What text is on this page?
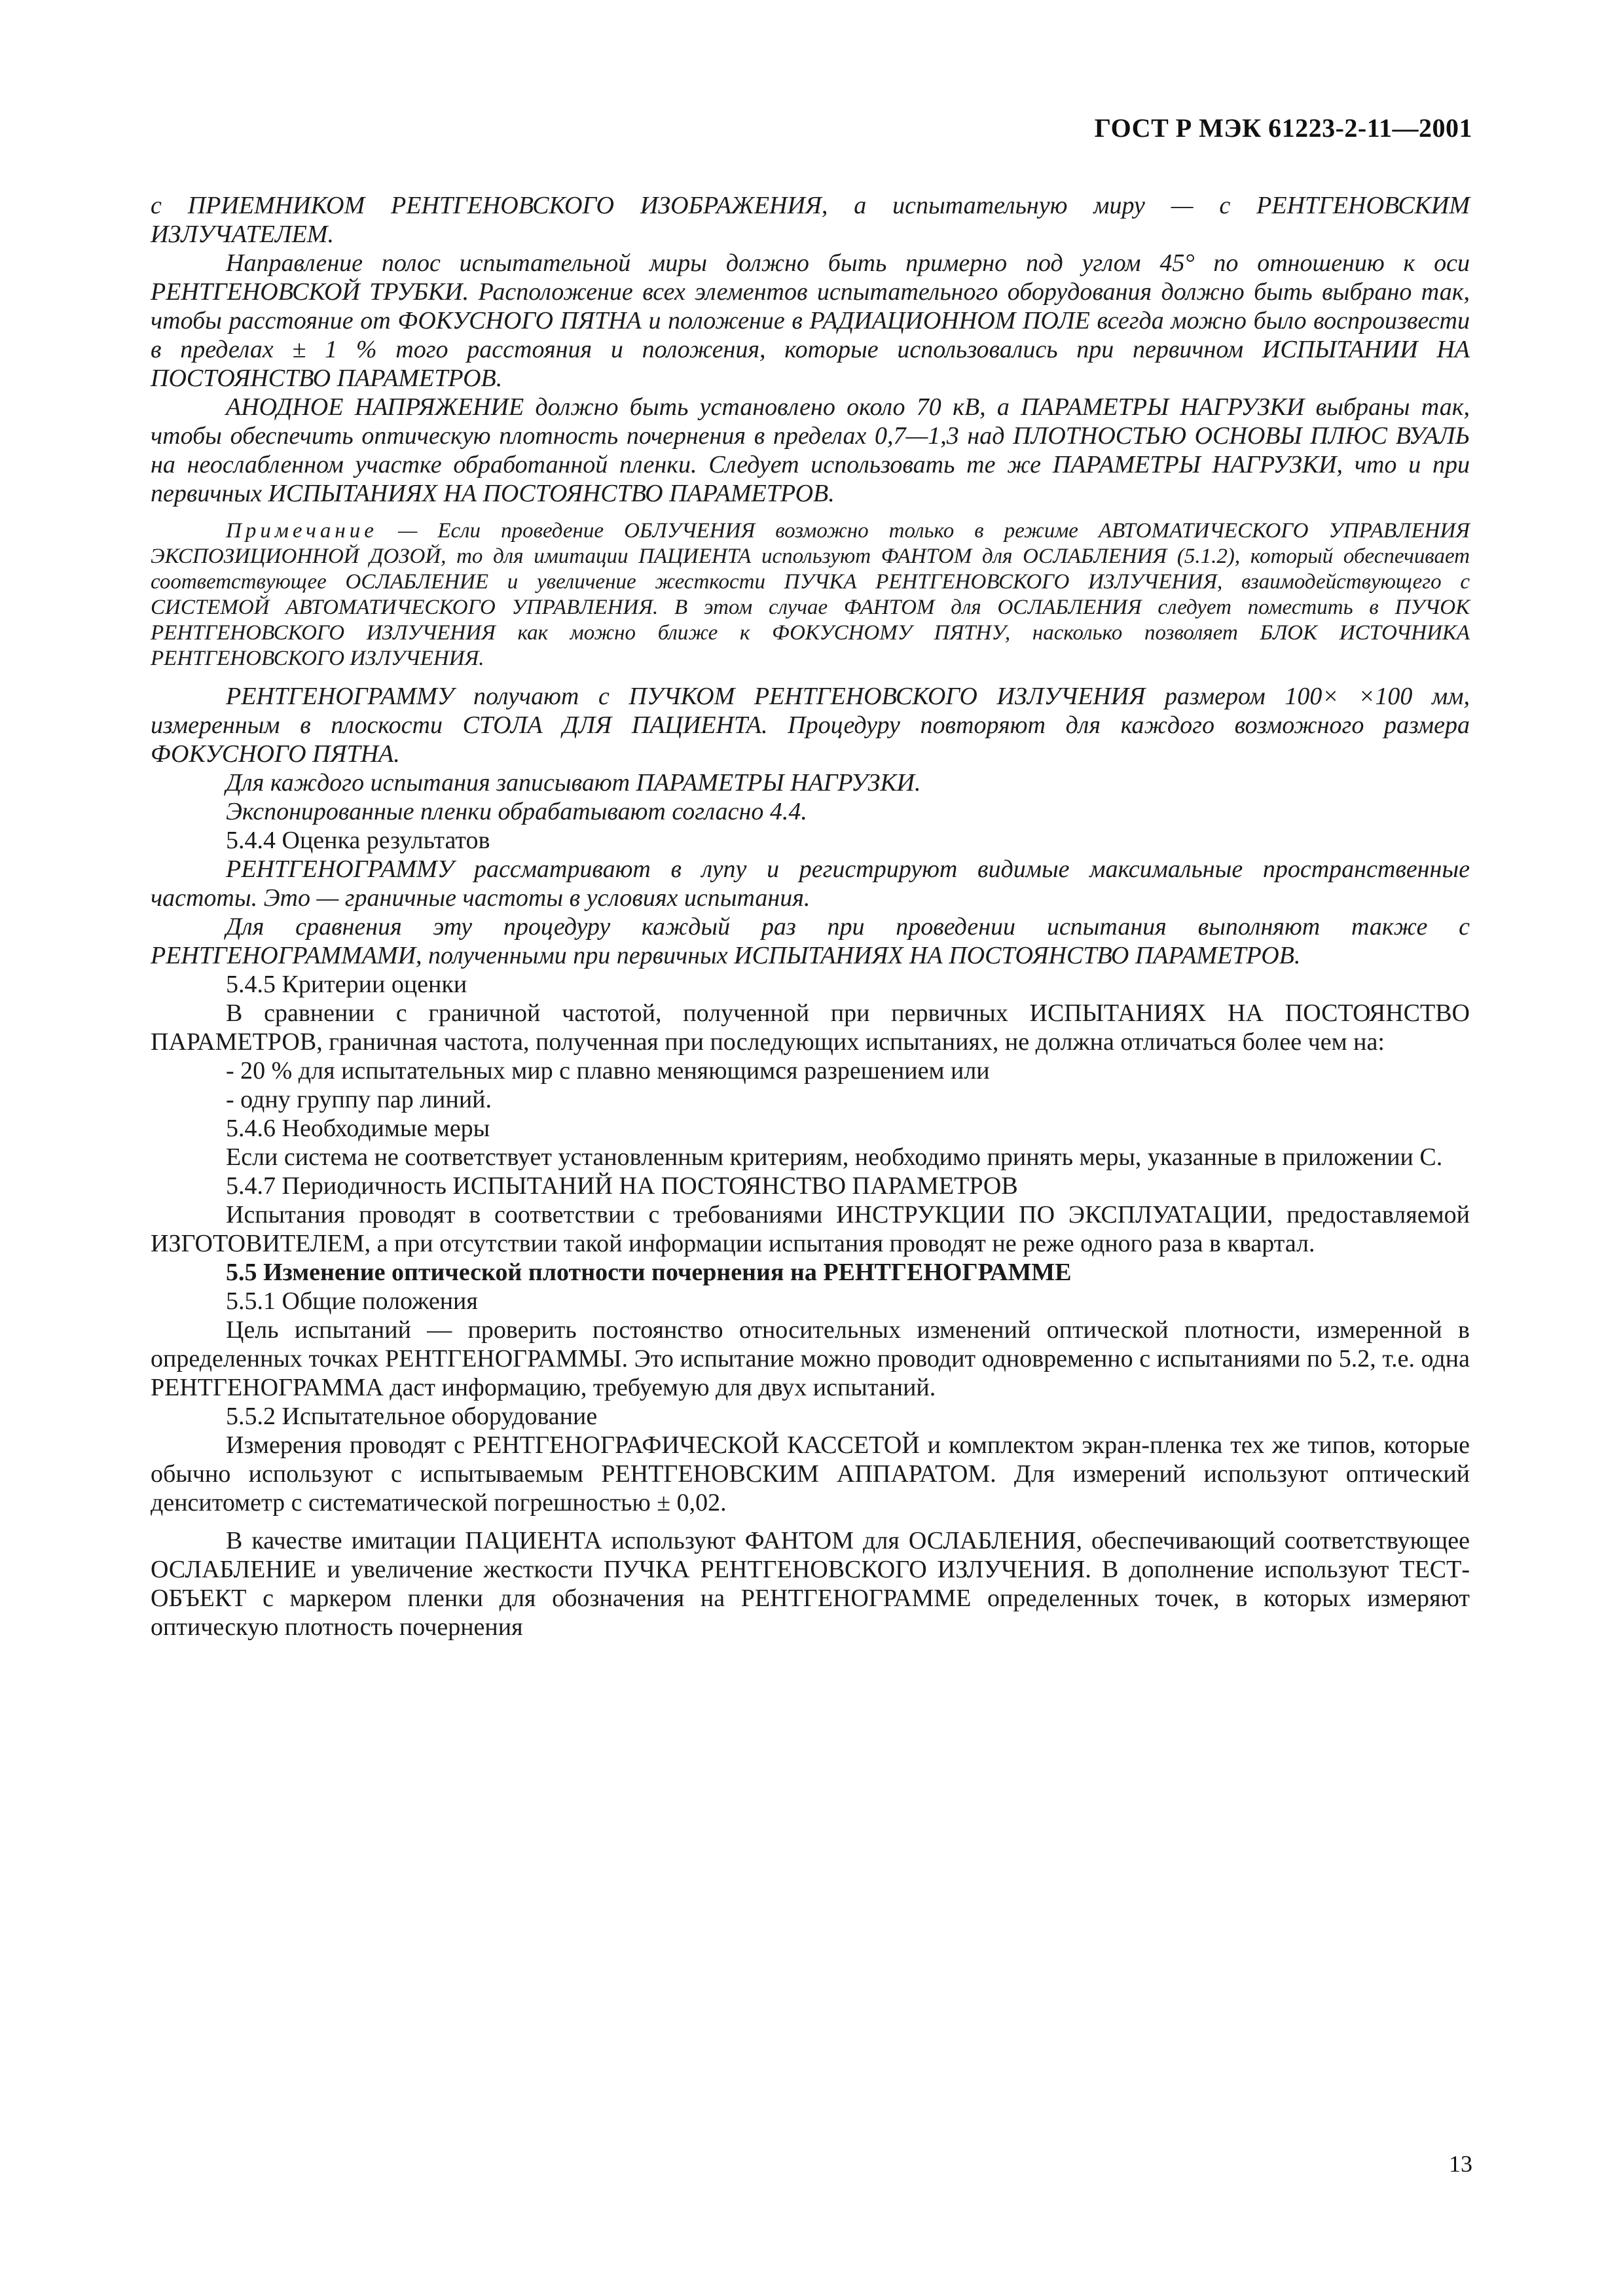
ГОСТ Р МЭК 61223-2-11—2001

с ПРИЕМНИКОМ РЕНТГЕНОВСКОГО ИЗОБРАЖЕНИЯ, а испытательную миру — с РЕНТГЕНОВСКИМ ИЗЛУЧАТЕЛЕМ.

Направление полос испытательной миры должно быть примерно под углом 45° по отношению к оси РЕНТГЕНОВСКОЙ ТРУБКИ. Расположение всех элементов испытательного оборудования должно быть выбрано так, чтобы расстояние от ФОКУСНОГО ПЯТНА и положение в РАДИАЦИОННОМ ПОЛЕ всегда можно было воспроизвести в пределах ± 1 % того расстояния и положения, которые использовались при первичном ИСПЫТАНИИ НА ПОСТОЯНСТВО ПАРАМЕТРОВ.

АНОДНОЕ НАПРЯЖЕНИЕ должно быть установлено около 70 кВ, а ПАРАМЕТРЫ НАГРУЗКИ выбраны так, чтобы обеспечить оптическую плотность почернения в пределах 0,7—1,3 над ПЛОТНОСТЬЮ ОСНОВЫ ПЛЮС ВУАЛЬ на неослабленном участке обработанной пленки. Следует использовать те же ПАРАМЕТРЫ НАГРУЗКИ, что и при первичных ИСПЫТАНИЯХ НА ПОСТОЯНСТВО ПАРАМЕТРОВ.

Примечание — Если проведение ОБЛУЧЕНИЯ возможно только в режиме АВТОМАТИЧЕСКОГО УПРАВЛЕНИЯ ЭКСПОЗИЦИОННОЙ ДОЗОЙ, то для имитации ПАЦИЕНТА используют ФАНТОМ для ОСЛАБЛЕНИЯ (5.1.2), который обеспечивает соответствующее ОСЛАБЛЕНИЕ и увеличение жесткости ПУЧКА РЕНТГЕНОВСКОГО ИЗЛУЧЕНИЯ, взаимодействующего с СИСТЕМОЙ АВТОМАТИЧЕСКОГО УПРАВЛЕНИЯ. В этом случае ФАНТОМ для ОСЛАБЛЕНИЯ следует поместить в ПУЧОК РЕНТГЕНОВСКОГО ИЗЛУЧЕНИЯ как можно ближе к ФОКУСНОМУ ПЯТНУ, насколько позволяет БЛОК ИСТОЧНИКА РЕНТГЕНОВСКОГО ИЗЛУЧЕНИЯ.

РЕНТГЕНОГРАММУ получают с ПУЧКОМ РЕНТГЕНОВСКОГО ИЗЛУЧЕНИЯ размером 100× ×100 мм, измеренным в плоскости СТОЛА ДЛЯ ПАЦИЕНТА. Процедуру повторяют для каждого возможного размера ФОКУСНОГО ПЯТНА.

Для каждого испытания записывают ПАРАМЕТРЫ НАГРУЗКИ.

Экспонированные пленки обрабатывают согласно 4.4.

5.4.4 Оценка результатов

РЕНТГЕНОГРАММУ рассматривают в лупу и регистрируют видимые максимальные пространственные частоты. Это — граничные частоты в условиях испытания.

Для сравнения эту процедуру каждый раз при проведении испытания выполняют также с РЕНТГЕНОГРАММАМИ, полученными при первичных ИСПЫТАНИЯХ НА ПОСТОЯНСТВО ПАРАМЕТРОВ.

5.4.5 Критерии оценки

В сравнении с граничной частотой, полученной при первичных ИСПЫТАНИЯХ НА ПОСТОЯНСТВО ПАРАМЕТРОВ, граничная частота, полученная при последующих испытаниях, не должна отличаться более чем на:

- 20 % для испытательных мир с плавно меняющимся разрешением или

- одну группу пар линий.

5.4.6 Необходимые меры

Если система не соответствует установленным критериям, необходимо принять меры, указанные в приложении С.

5.4.7 Периодичность ИСПЫТАНИЙ НА ПОСТОЯНСТВО ПАРАМЕТРОВ

Испытания проводят в соответствии с требованиями ИНСТРУКЦИИ ПО ЭКСПЛУАТАЦИИ, предоставляемой ИЗГОТОВИТЕЛЕМ, а при отсутствии такой информации испытания проводят не реже одного раза в квартал.

5.5 Изменение оптической плотности почернения на РЕНТГЕНОГРАММЕ

5.5.1 Общие положения

Цель испытаний — проверить постоянство относительных изменений оптической плотности, измеренной в определенных точках РЕНТГЕНОГРАММЫ. Это испытание можно проводит одновременно с испытаниями по 5.2, т.е. одна РЕНТГЕНОГРАММА даст информацию, требуемую для двух испытаний.

5.5.2 Испытательное оборудование

Измерения проводят с РЕНТГЕНОГРАФИЧЕСКОЙ КАССЕТОЙ и комплектом экран-пленка тех же типов, которые обычно используют с испытываемым РЕНТГЕНОВСКИМ АППАРАТОМ. Для измерений используют оптический денситометр с систематической погрешностью ± 0,02.

В качестве имитации ПАЦИЕНТА используют ФАНТОМ для ОСЛАБЛЕНИЯ, обеспечивающий соответствующее ОСЛАБЛЕНИЕ и увеличение жесткости ПУЧКА РЕНТГЕНОВСКОГО ИЗЛУЧЕНИЯ. В дополнение используют ТЕСТ-ОБЪЕКТ с маркером пленки для обозначения на РЕНТГЕНОГРАММЕ определенных точек, в которых измеряют оптическую плотность почернения

13
